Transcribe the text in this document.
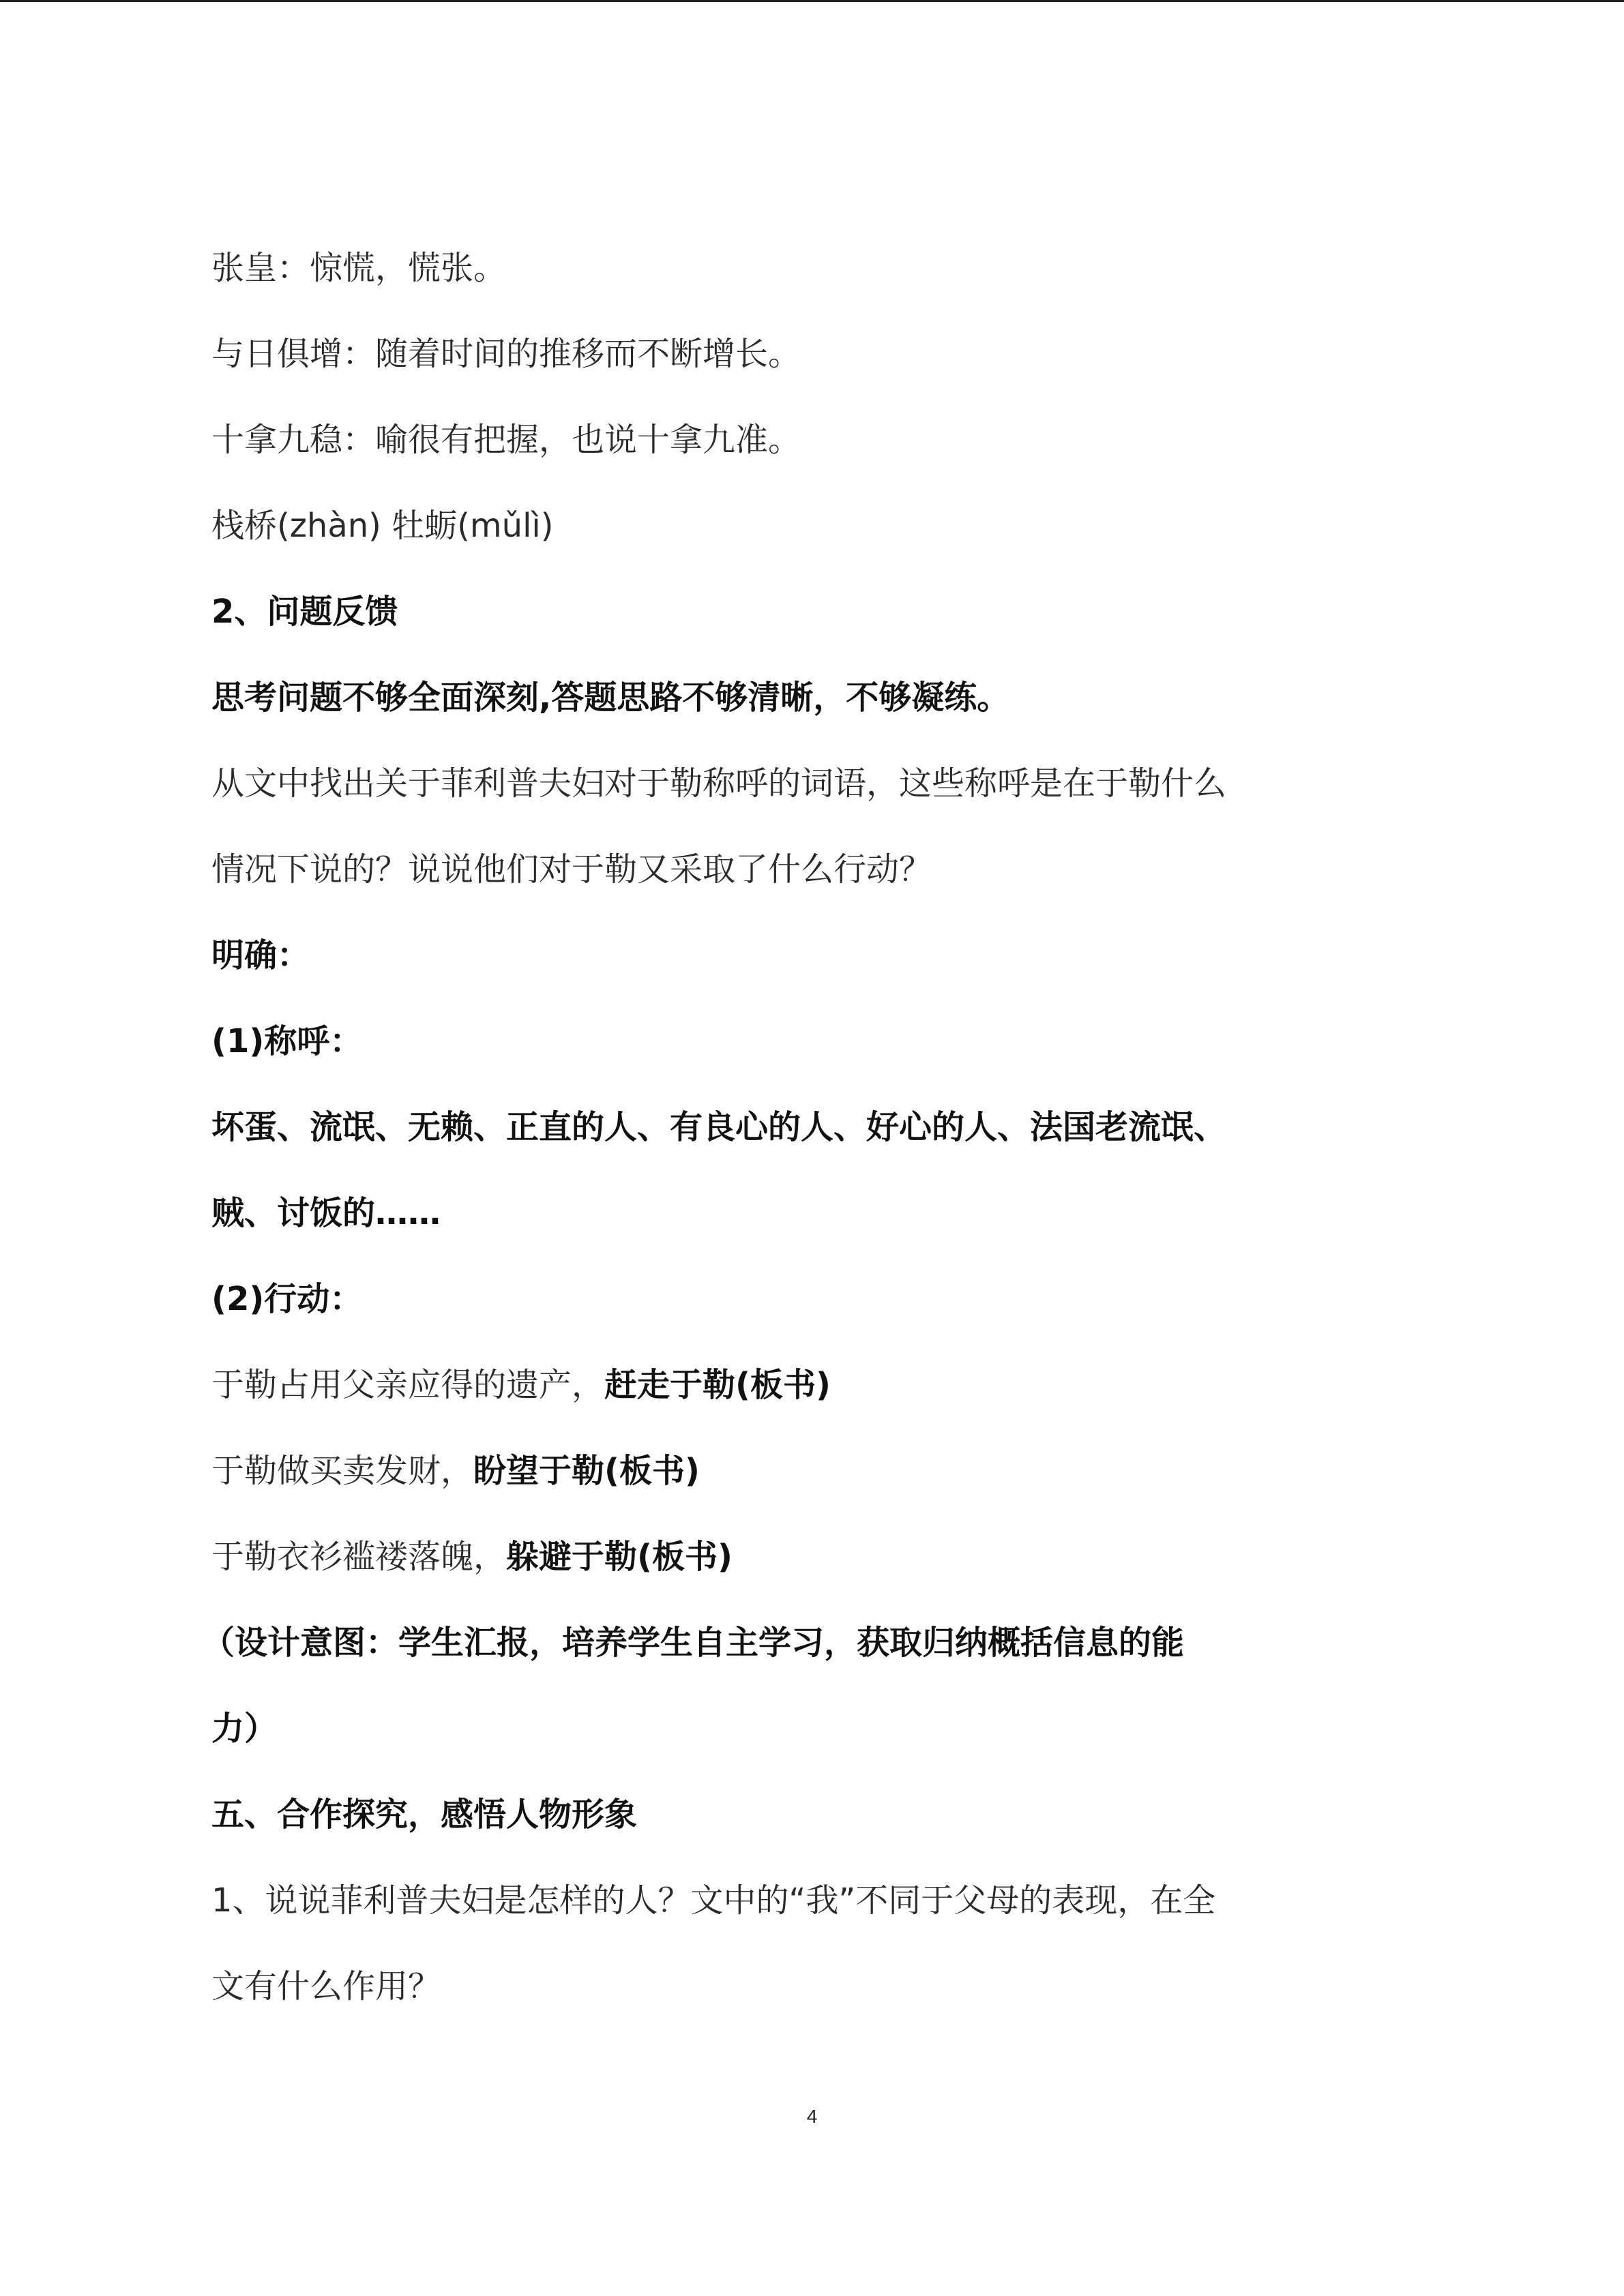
张皇：惊慌，慌张。
与日俱增：随着时间的推移而不断增长。
十拿九稳：喻很有把握，也说十拿九准。
栈桥(zhàn) 牡蛎(mǔlì)
2、问题反馈
思考问题不够全面深刻,答题思路不够清晰，不够凝练。
从文中找出关于菲利普夫妇对于勒称呼的词语，这些称呼是在于勒什么
情况下说的？说说他们对于勒又采取了什么行动？
明确：
(1)称呼：
坏蛋、流氓、无赖、正直的人、有良心的人、好心的人、法国老流氓、
贼、讨饭的……
(2)行动：
于勒占用父亲应得的遗产，赶走于勒(板书)
于勒做买卖发财，盼望于勒(板书)
于勒衣衫褴褛落魄，躲避于勒(板书)
（设计意图：学生汇报，培养学生自主学习，获取归纳概括信息的能
力）
五、合作探究，感悟人物形象
1、说说菲利普夫妇是怎样的人？文中的“我”不同于父母的表现，在全
文有什么作用？
4
